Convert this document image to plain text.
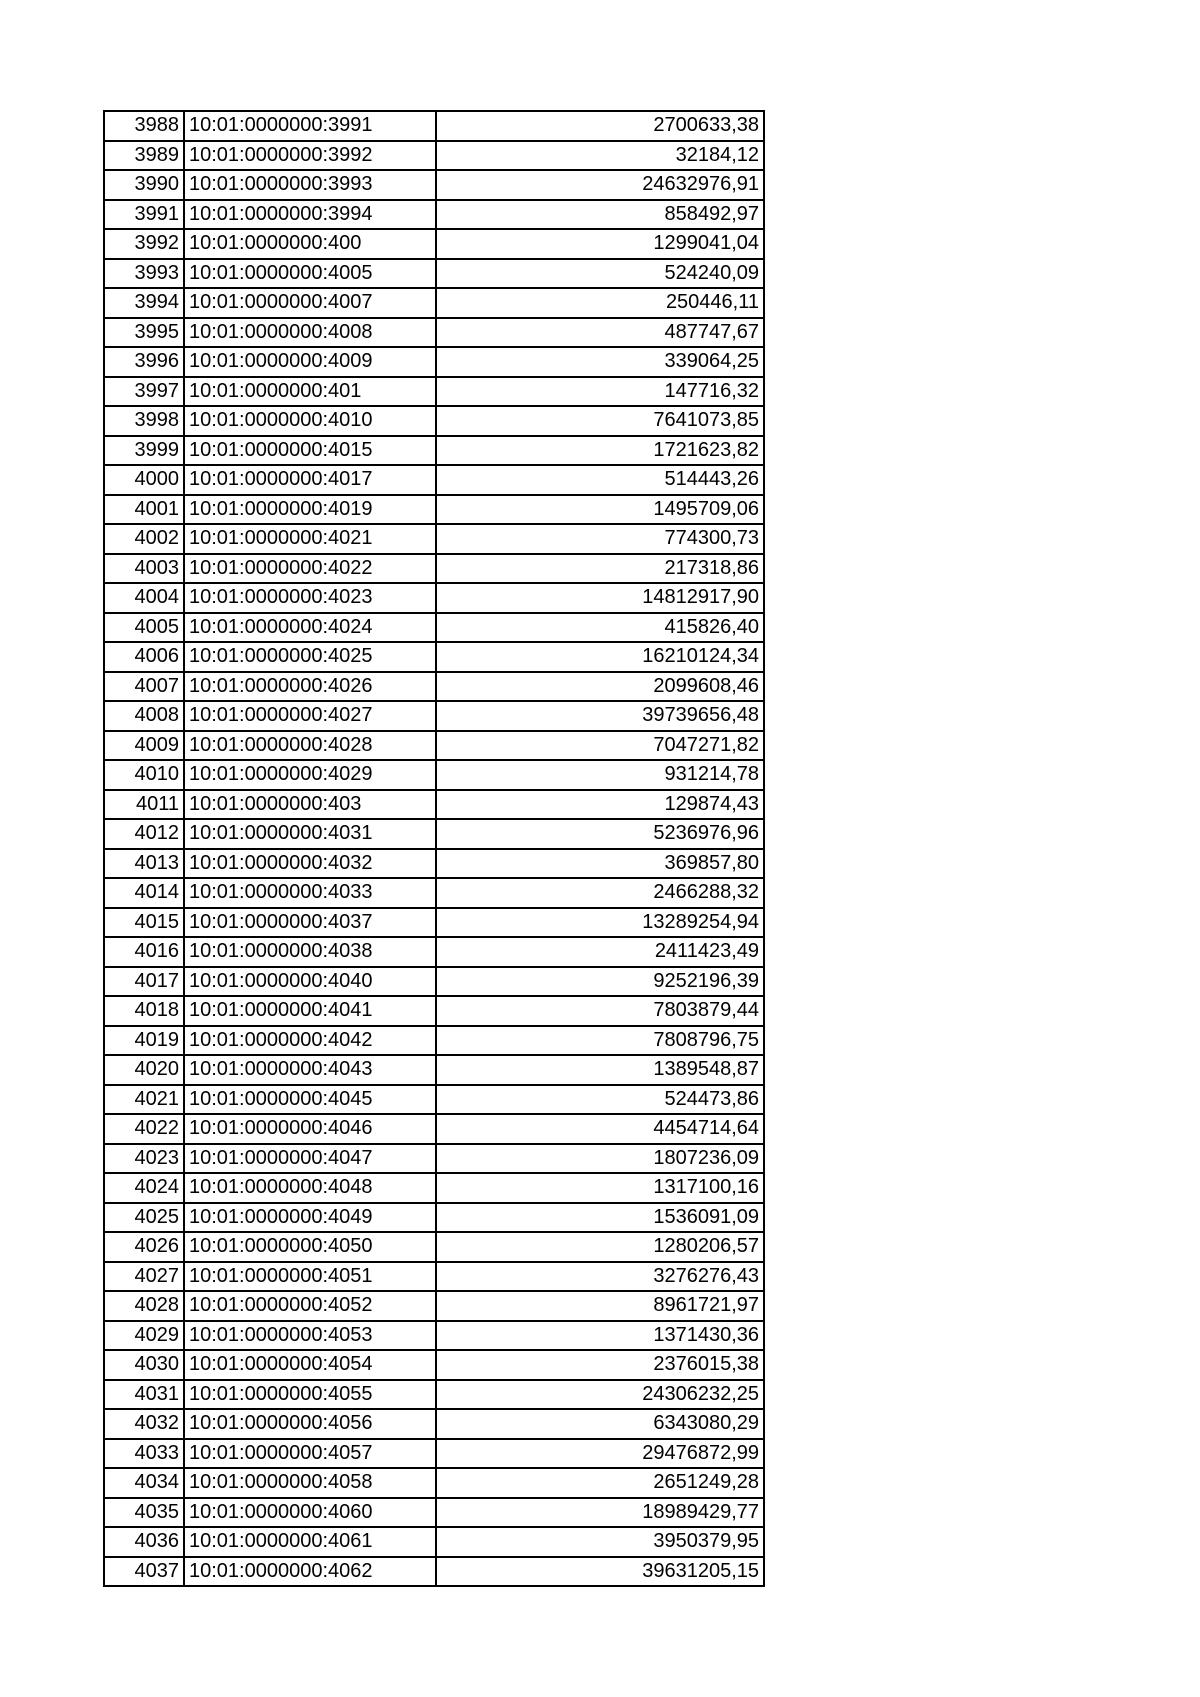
3988	10:01:0000000:3991	2700633,38
3989	10:01:0000000:3992	32184,12
3990	10:01:0000000:3993	24632976,91
3991	10:01:0000000:3994	858492,97
3992	10:01:0000000:400	1299041,04
3993	10:01:0000000:4005	524240,09
3994	10:01:0000000:4007	250446,11
3995	10:01:0000000:4008	487747,67
3996	10:01:0000000:4009	339064,25
3997	10:01:0000000:401	147716,32
3998	10:01:0000000:4010	7641073,85
3999	10:01:0000000:4015	1721623,82
4000	10:01:0000000:4017	514443,26
4001	10:01:0000000:4019	1495709,06
4002	10:01:0000000:4021	774300,73
4003	10:01:0000000:4022	217318,86
4004	10:01:0000000:4023	14812917,90
4005	10:01:0000000:4024	415826,40
4006	10:01:0000000:4025	16210124,34
4007	10:01:0000000:4026	2099608,46
4008	10:01:0000000:4027	39739656,48
4009	10:01:0000000:4028	7047271,82
4010	10:01:0000000:4029	931214,78
4011	10:01:0000000:403	129874,43
4012	10:01:0000000:4031	5236976,96
4013	10:01:0000000:4032	369857,80
4014	10:01:0000000:4033	2466288,32
4015	10:01:0000000:4037	13289254,94
4016	10:01:0000000:4038	2411423,49
4017	10:01:0000000:4040	9252196,39
4018	10:01:0000000:4041	7803879,44
4019	10:01:0000000:4042	7808796,75
4020	10:01:0000000:4043	1389548,87
4021	10:01:0000000:4045	524473,86
4022	10:01:0000000:4046	4454714,64
4023	10:01:0000000:4047	1807236,09
4024	10:01:0000000:4048	1317100,16
4025	10:01:0000000:4049	1536091,09
4026	10:01:0000000:4050	1280206,57
4027	10:01:0000000:4051	3276276,43
4028	10:01:0000000:4052	8961721,97
4029	10:01:0000000:4053	1371430,36
4030	10:01:0000000:4054	2376015,38
4031	10:01:0000000:4055	24306232,25
4032	10:01:0000000:4056	6343080,29
4033	10:01:0000000:4057	29476872,99
4034	10:01:0000000:4058	2651249,28
4035	10:01:0000000:4060	18989429,77
4036	10:01:0000000:4061	3950379,95
4037	10:01:0000000:4062	39631205,15
